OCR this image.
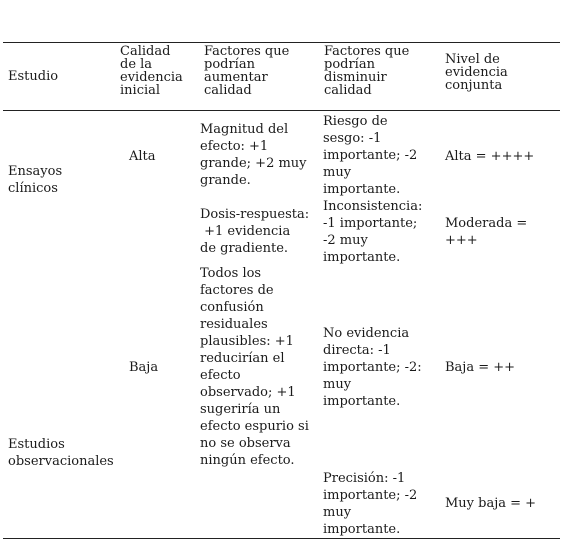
Estudio
Calidad
de la
evidencia
inicial
Factores que
podrían
aumentar
calidad
Factores que
podrían
disminuir
calidad
Nivel de
evidencia
conjunta
Ensayos
clínicos
Estudios
observacionales
Alta
Baja
Magnitud del
efecto: +1
grande; +2 muy
grande.
Dosis-respuesta:
+1 evidencia
de gradiente.
Todos los
factores de
confusión
residuales
plausibles: +1
reducirían el
efecto
observado; +1
sugeriría un
efecto espurio si
no se observa
ningún efecto.
Riesgo de
sesgo: -1
importante; -2
muy
importante.
Inconsistencia:
-1 importante;
-2 muy
importante.
No evidencia
directa: -1
importante; -2:
muy
importante.
Precisión: -1
importante; -2
muy
importante.
Alta = ++++
Moderada =
+++
Baja = ++
Muy baja = +
